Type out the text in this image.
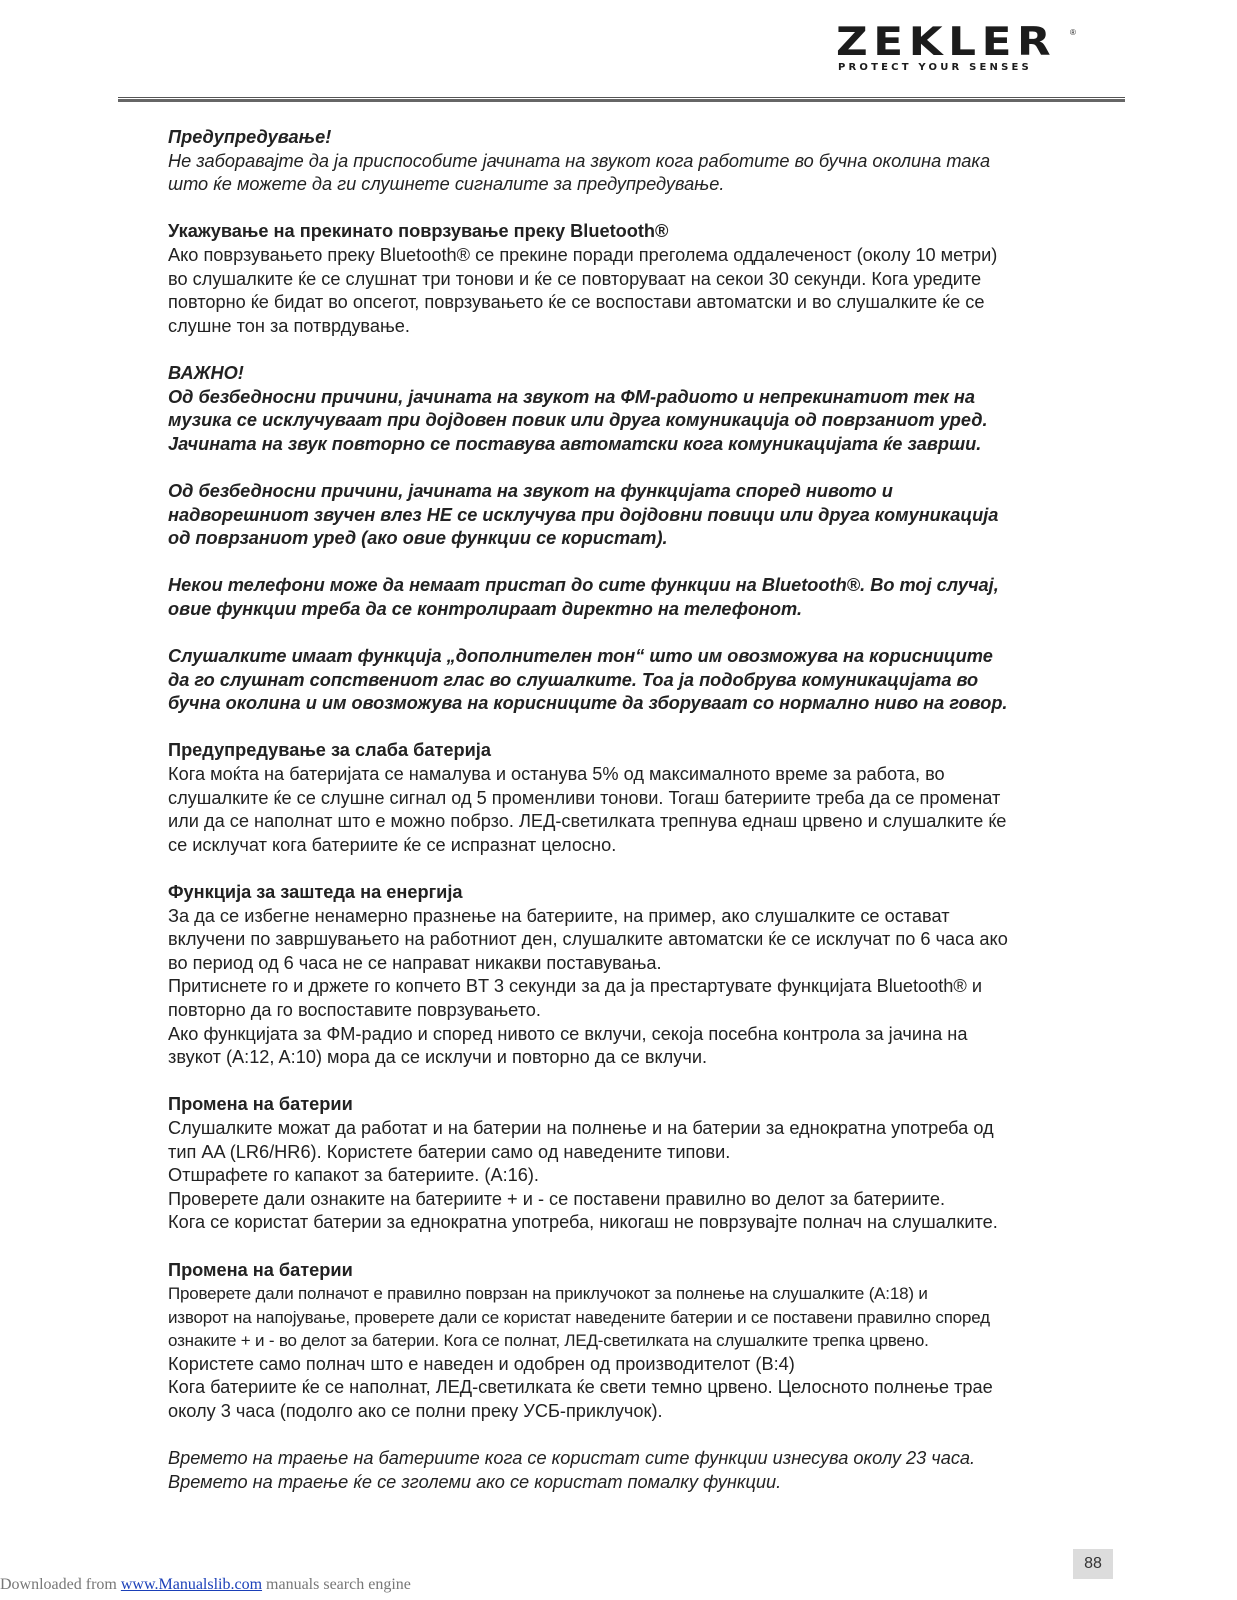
ZEKLER ®
PROTECT YOUR SENSES

Предупредување!

Не заборавајте да ја приспособите јачината на звукот кога работите во бучна околина така

што ќе можете да ги слушнете сигналите за предупредување.

Укажување на прекинато поврзување преку Bluetooth®

Ако поврзувањето преку Bluetooth® се прекине поради преголема оддалеченост (околу 10 метри)

во слушалките ќе се слушнат три тонови и ќе се повторуваат на секои 30 секунди. Кога уредите

повторно ќе бидат во опсегот, поврзувањето ќе се воспостави автоматски и во слушалките ќе се

слушне тон за потврдување.

ВАЖНО!

Од безбедносни причини, јачината на звукот на ФМ-радиото и непрекинатиот тек на

музика се исклучуваат при дојдовен повик или друга комуникација од поврзаниот уред.

Јачината на звук повторно се поставува автоматски кога комуникацијата ќе заврши.

Од безбедносни причини, јачината на звукот на функцијата според нивото и

надворешниот звучен влез НЕ се исклучува при дојдовни повици или друга комуникација

од поврзаниот уред (ако овие функции се користат).

Некои телефони може да немаат пристап до сите функции на Bluetooth®. Во тој случај,

овие функции треба да се контролираат директно на телефонот.

Слушалките имаат функција „дополнителен тон“ што им овозможува на корисниците

да го слушнат сопствениот глас во слушалките. Тоа ја подобрува комуникацијата во

бучна околина и им овозможува на корисниците да зборуваат со нормално ниво на говор.

Предупредување за слаба батерија

Кога моќта на батеријата се намалува и останува 5% од максималното време за работа, во

слушалките ќе се слушне сигнал од 5 променливи тонови. Тогаш батериите треба да се променат

или да се наполнат што е можно побрзо. ЛЕД-светилката трепнува еднаш црвено и слушалките ќе

се исклучат кога батериите ќе се испразнат целосно.

Функција за заштеда на енергија

За да се избегне ненамерно празнење на батериите, на пример, ако слушалките се остават

вклучени по завршувањето на работниот ден, слушалките автоматски ќе се исклучат по 6 часа ако

во период од 6 часа не се направат никакви поставувања.

Притиснете го и држете го копчето BT 3 секунди за да ја престартувате функцијата Bluetooth® и

повторно да го воспоставите поврзувањето.

Ако функцијата за ФМ-радио и според нивото се вклучи, секоја посебна контрола за јачина на

звукот (A:12, A:10) мора да се исклучи и повторно да се вклучи.

Промена на батерии

Слушалките можат да работат и на батерии на полнење и на батерии за еднократна употреба од

тип AA (LR6/HR6). Користете батерии само од наведените типови.

Отшрафете го капакот за батериите. (A:16).

Проверете дали ознаките на батериите + и - се поставени правилно во делот за батериите.

Кога се користат батерии за еднократна употреба, никогаш не поврзувајте полнач на слушалките.

Промена на батерии

Проверете дали полначот е правилно поврзан на приклучокот за полнење на слушалките (A:18) и

изворот на напојување, проверете дали се користат наведените батерии и се поставени правилно според

ознаките + и - во делот за батерии. Кога се полнат, ЛЕД-светилката на слушалките трепка црвено.

Користете само полнач што е наведен и одобрен од производителот (B:4)

Кога батериите ќе се наполнат, ЛЕД-светилката ќе свети темно црвено. Целосното полнење трае

околу 3 часа (подолго ако се полни преку УСБ-приклучок).

Времето на траење на батериите кога се користат сите функции изнесува околу 23 часа.

Времето на траење ќе се зголеми ако се користат помалку функции.

88
Downloaded from www.Manualslib.com manuals search engine
